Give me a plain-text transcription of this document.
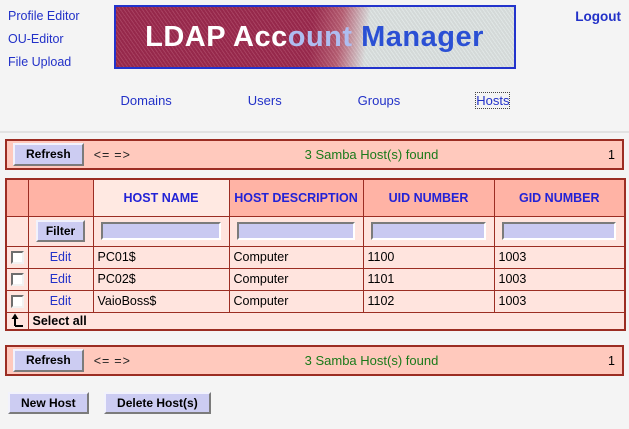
Profile Editor
OU-Editor
File Upload
LDAP Acc ount Manager
Logout
Domains	Users	Groups	Hosts
Refresh	<= =>	3 Samba Host(s) found	1
		HOST NAME	HOST DESCRIPTION	UID NUMBER	GID NUMBER
	Filter				
	Edit	PC01$	Computer	1100	1003
	Edit	PC02$	Computer	1101	1003
	Edit	VaioBoss$	Computer	1102	1003

	Select all				
Refresh	<= =>	3 Samba Host(s) found	1
New Host	Delete Host(s)
